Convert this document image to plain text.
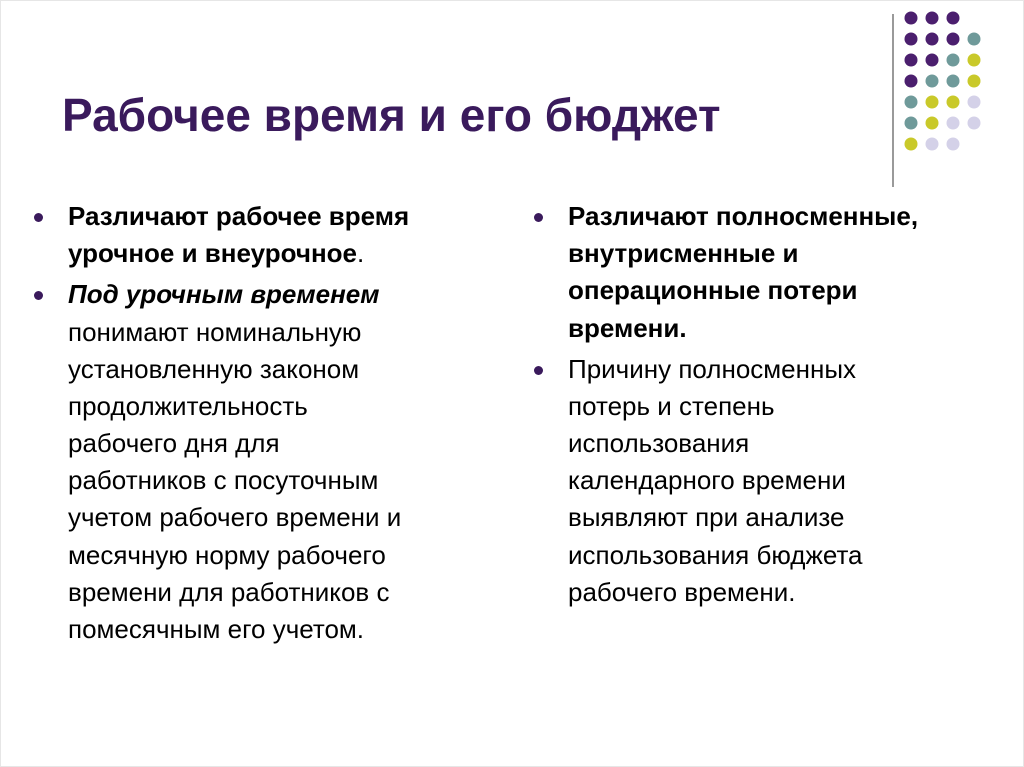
Рабочее время и его бюджет
Различают рабочее время
урочное и внеурочное.
Под урочным временем
понимают номинальную
установленную законом
продолжительность
рабочего дня для
работников с посуточным
учетом рабочего времени и
месячную норму рабочего
времени для работников с
помесячным его учетом.
Различают полносменные,
внутрисменные и
операционные потери
времени.
Причину полносменных
потерь и степень
использования
календарного времени
выявляют при анализе
использования бюджета
рабочего времени.
